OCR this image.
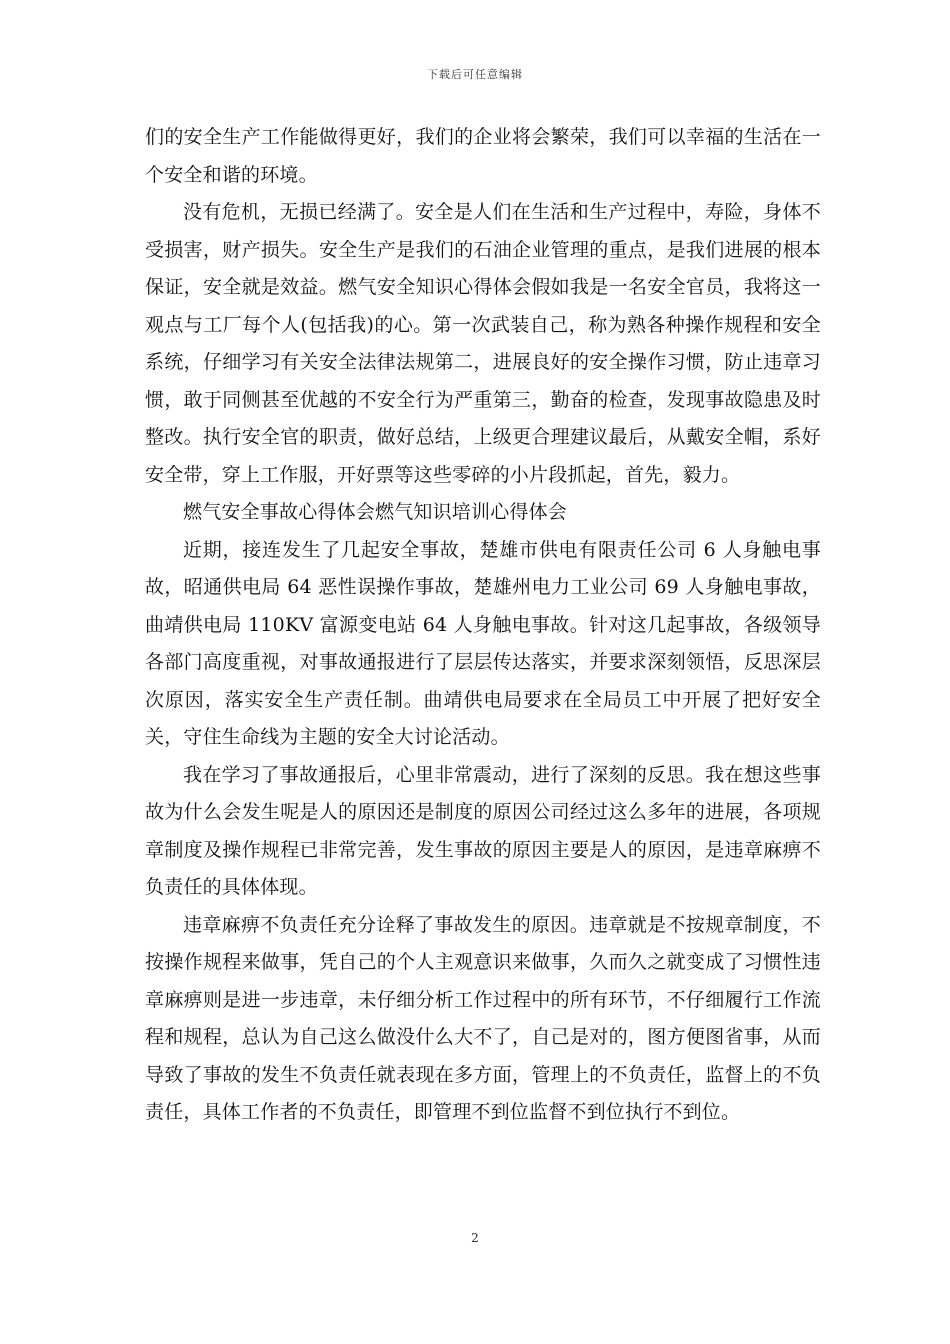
下载后可任意编辑

们的安全生产工作能做得更好，我们的企业将会繁荣，我们可以幸福的生活在一个安全和谐的环境。

没有危机，无损已经满了。安全是人们在生活和生产过程中，寿险，身体不受损害，财产损失。安全生产是我们的石油企业管理的重点，是我们进展的根本保证，安全就是效益。燃气安全知识心得体会假如我是一名安全官员，我将这一观点与工厂每个人(包括我)的心。第一次武装自己，称为熟各种操作规程和安全系统，仔细学习有关安全法律法规第二，进展良好的安全操作习惯，防止违章习惯，敢于同侧甚至优越的不安全行为严重第三，勤奋的检查，发现事故隐患及时整改。执行安全官的职责，做好总结，上级更合理建议最后，从戴安全帽，系好安全带，穿上工作服，开好票等这些零碎的小片段抓起，首先，毅力。

燃气安全事故心得体会燃气知识培训心得体会

近期，接连发生了几起安全事故，楚雄市供电有限责任公司 6 人身触电事故，昭通供电局 64 恶性误操作事故，楚雄州电力工业公司 69 人身触电事故，曲靖供电局 110KV 富源变电站 64 人身触电事故。针对这几起事故，各级领导各部门高度重视，对事故通报进行了层层传达落实，并要求深刻领悟，反思深层次原因，落实安全生产责任制。曲靖供电局要求在全局员工中开展了把好安全关，守住生命线为主题的安全大讨论活动。

我在学习了事故通报后，心里非常震动，进行了深刻的反思。我在想这些事故为什么会发生呢是人的原因还是制度的原因公司经过这么多年的进展，各项规章制度及操作规程已非常完善，发生事故的原因主要是人的原因，是违章麻痹不负责任的具体体现。

违章麻痹不负责任充分诠释了事故发生的原因。违章就是不按规章制度，不按操作规程来做事，凭自己的个人主观意识来做事，久而久之就变成了习惯性违章麻痹则是进一步违章，未仔细分析工作过程中的所有环节，不仔细履行工作流程和规程，总认为自己这么做没什么大不了，自己是对的，图方便图省事，从而导致了事故的发生不负责任就表现在多方面，管理上的不负责任，监督上的不负责任，具体工作者的不负责任，即管理不到位监督不到位执行不到位。

2
